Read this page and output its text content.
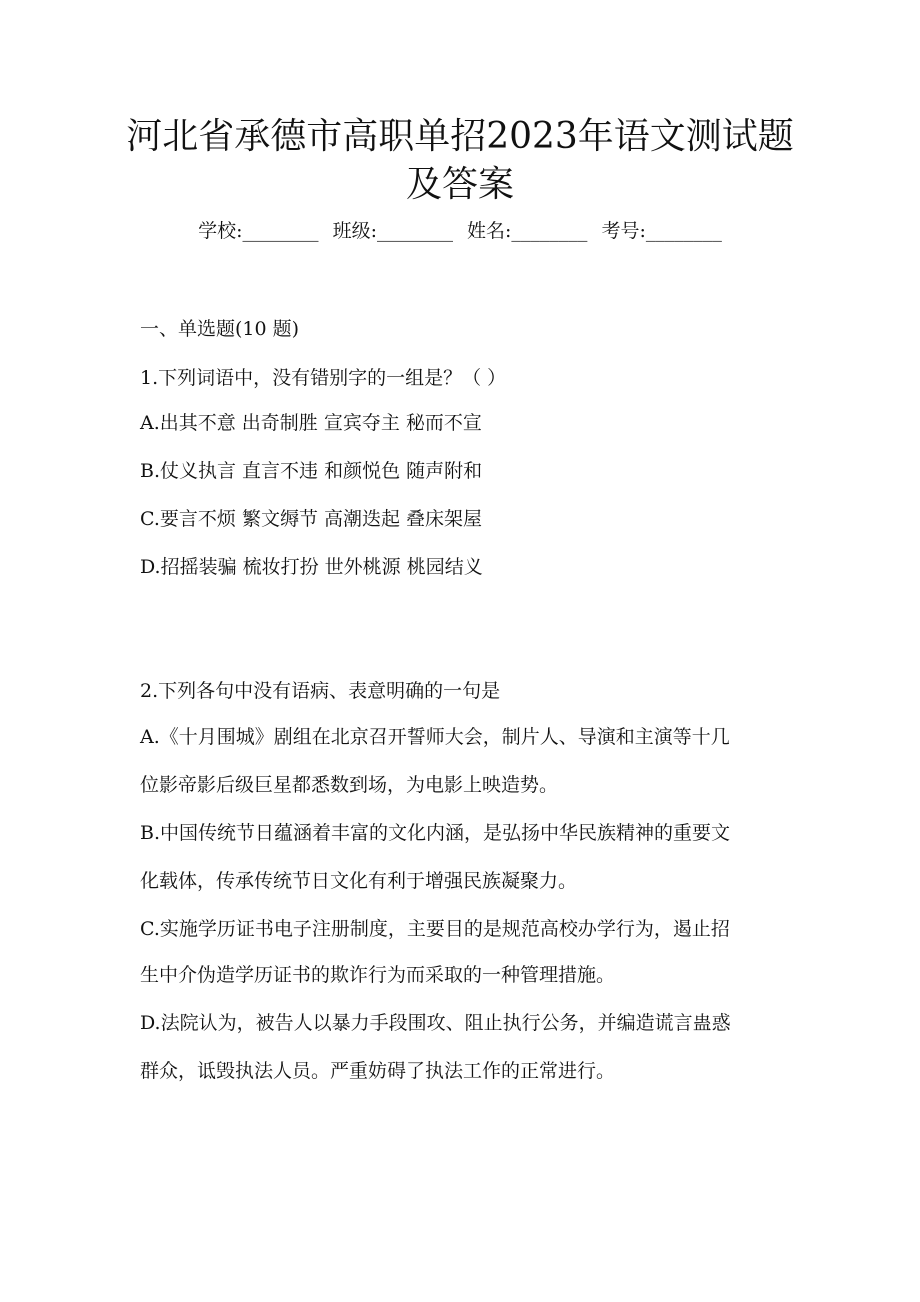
河北省承德市高职单招2023年语文测试题
及答案
学校:________ 班级:________ 姓名:________ 考号:________
一、单选题(10 题)
1.下列词语中，没有错别字的一组是？（ ）
A.出其不意 出奇制胜 宣宾夺主 秘而不宣
B.仗义执言 直言不违 和颜悦色 随声附和
C.要言不烦 繁文缛节 高潮迭起 叠床架屋
D.招摇装骗 梳妆打扮 世外桃源 桃园结义
2.下列各句中没有语病、表意明确的一句是
A.《十月围城》剧组在北京召开誓师大会，制片人、导演和主演等十几
位影帝影后级巨星都悉数到场，为电影上映造势。
B.中国传统节日蕴涵着丰富的文化内涵，是弘扬中华民族精神的重要文
化载体，传承传统节日文化有利于增强民族凝聚力。
C.实施学历证书电子注册制度，主要目的是规范高校办学行为，遏止招
生中介伪造学历证书的欺诈行为而采取的一种管理措施。
D.法院认为，被告人以暴力手段围攻、阻止执行公务，并编造谎言蛊惑
群众，诋毁执法人员。严重妨碍了执法工作的正常进行。
